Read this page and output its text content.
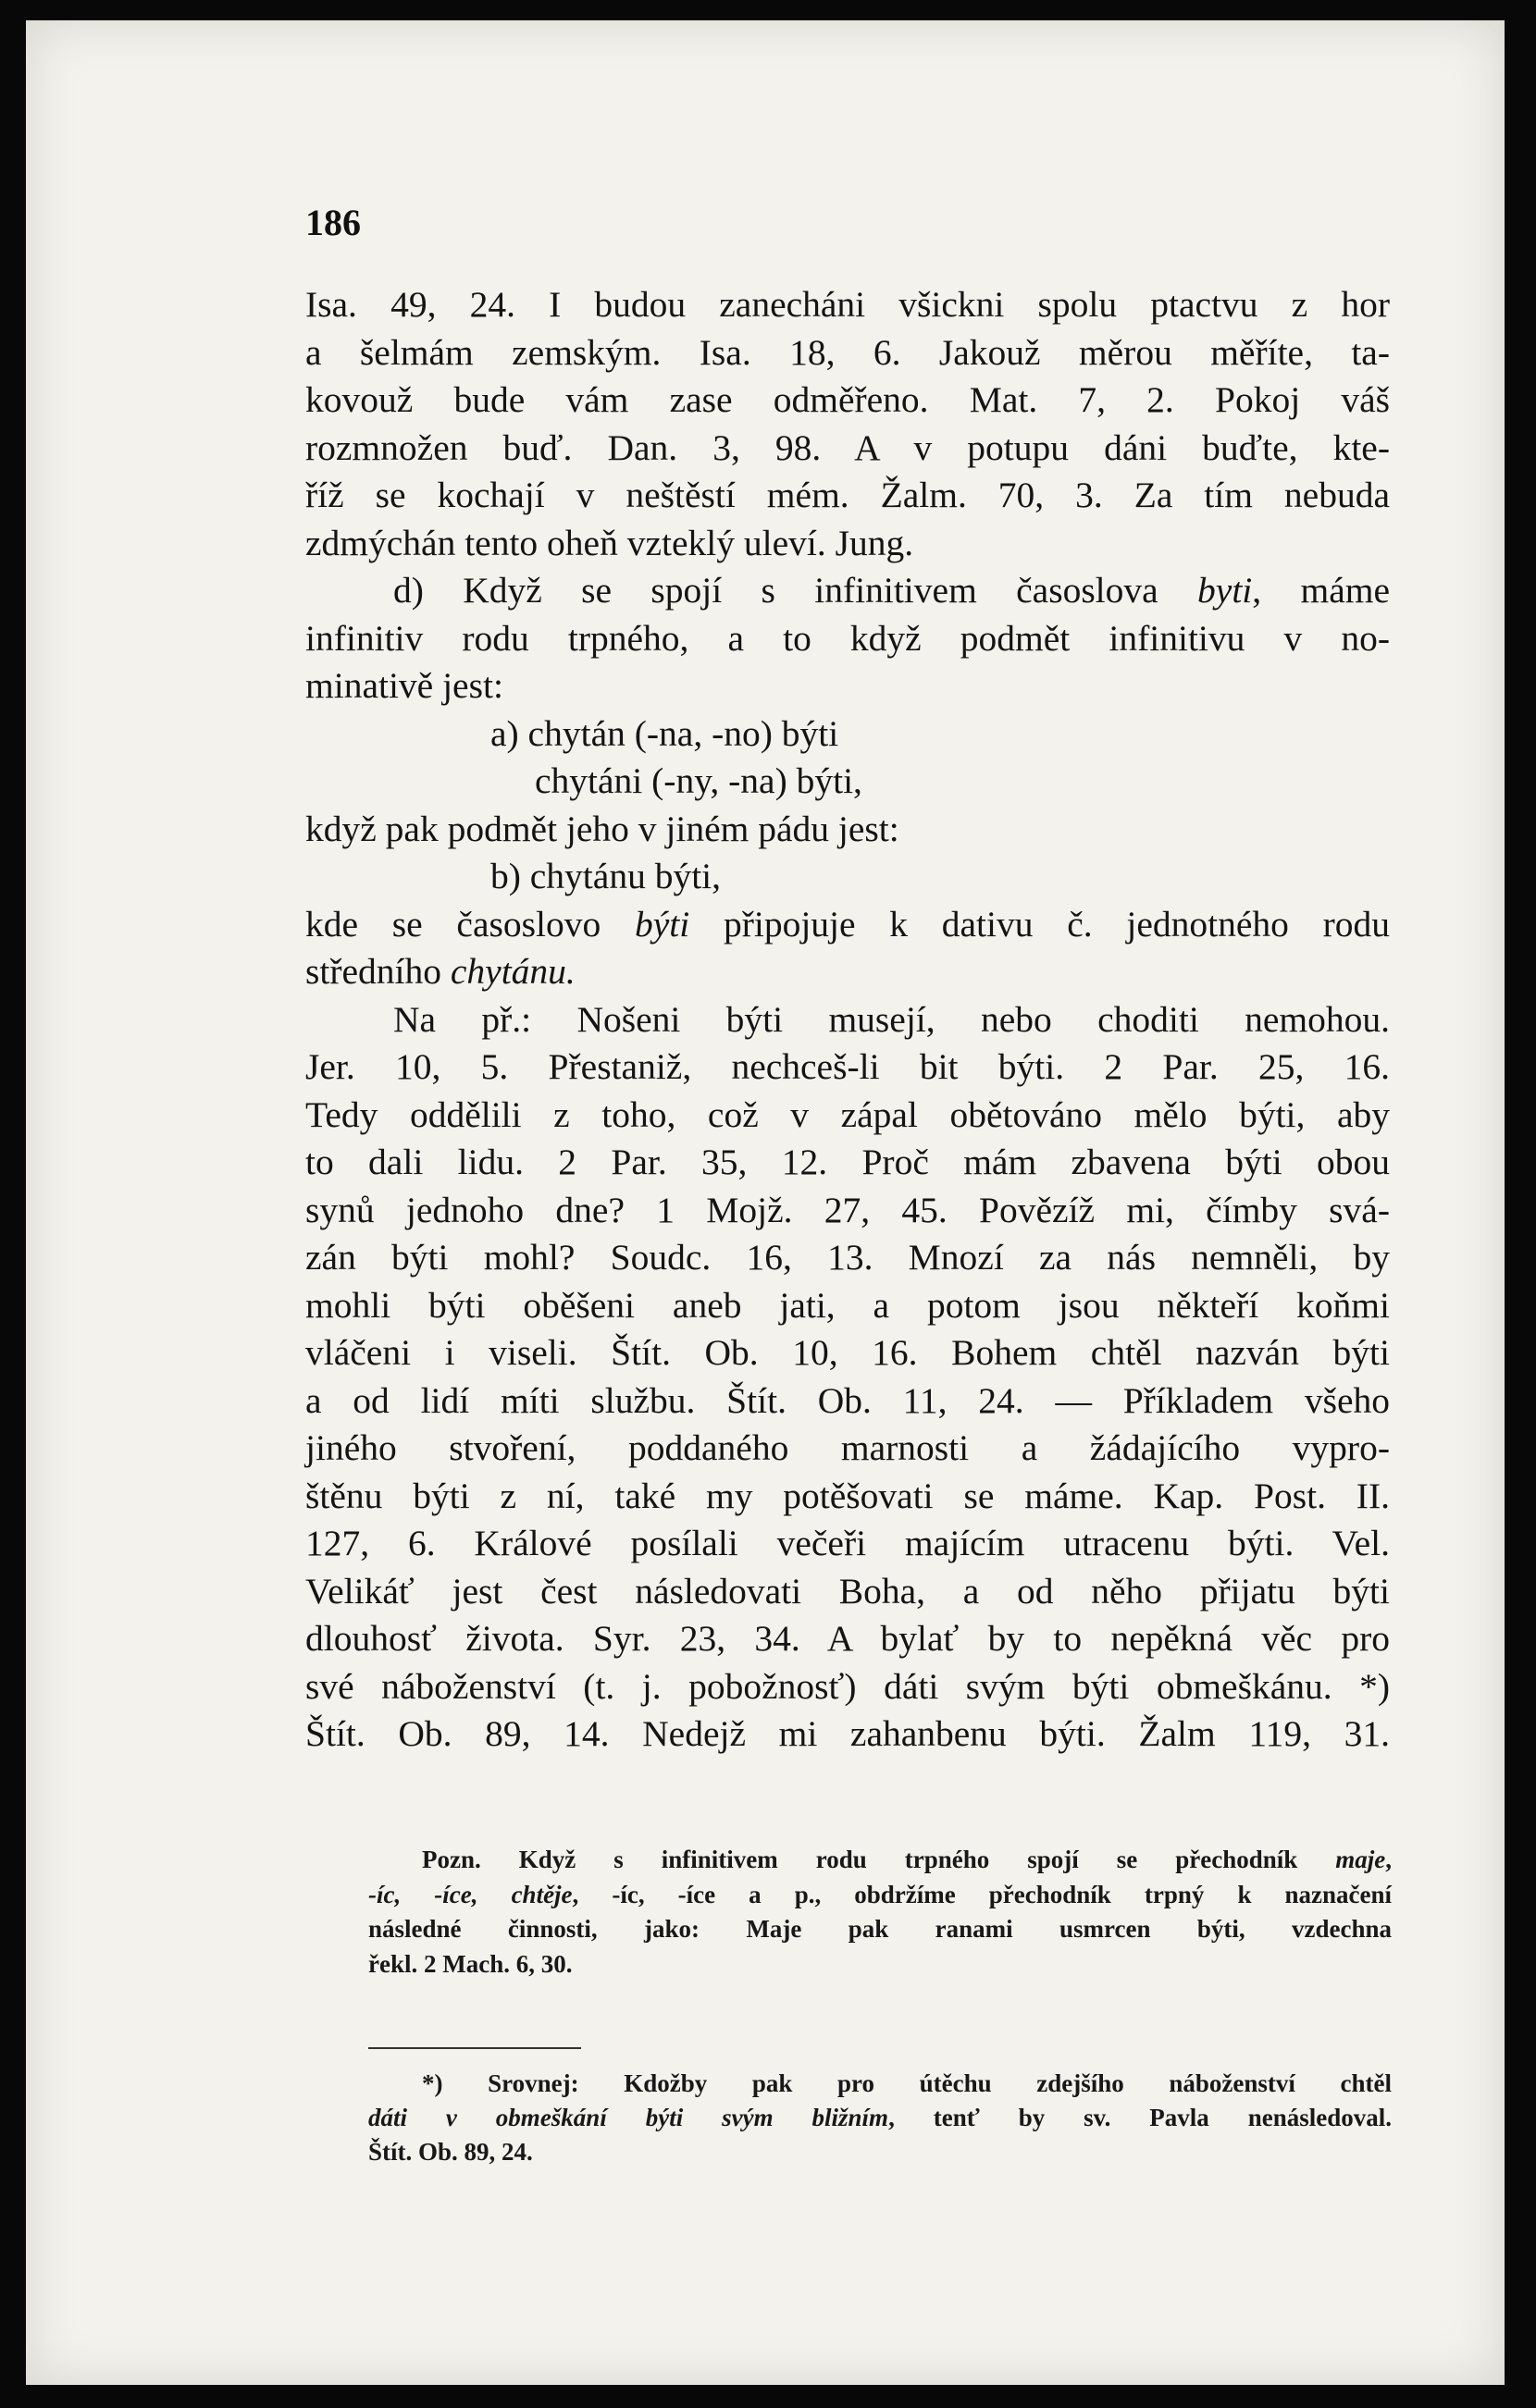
186
Isa. 49, 24. I budou zanecháni všickni spolu ptactvu z hor
a šelmám zemským. Isa. 18, 6. Jakouž měrou měříte, ta-
kovouž bude vám zase odměřeno. Mat. 7, 2. Pokoj váš
rozmnožen buď. Dan. 3, 98. A v potupu dáni buďte, kte-
říž se kochají v neštěstí mém. Žalm. 70, 3. Za tím nebuda
zdmýchán tento oheň vzteklý uleví. Jung.
d) Když se spojí s infinitivem časoslova byti, máme
infinitiv rodu trpného, a to když podmět infinitivu v no-
minativě jest:
a) chytán (-na, -no) býti
chytáni (-ny, -na) býti,
když pak podmět jeho v jiném pádu jest:
b) chytánu býti,
kde se časoslovo býti připojuje k dativu č. jednotného rodu
středního chytánu.
Na př.: Nošeni býti musejí, nebo choditi nemohou.
Jer. 10, 5. Přestaniž, nechceš-li bit býti. 2 Par. 25, 16.
Tedy oddělili z toho, což v zápal obětováno mělo býti, aby
to dali lidu. 2 Par. 35, 12. Proč mám zbavena býti obou
synů jednoho dne? 1 Mojž. 27, 45. Povězíž mi, čímby svá-
zán býti mohl? Soudc. 16, 13. Mnozí za nás nemněli, by
mohli býti oběšeni aneb jati, a potom jsou někteří koňmi
vláčeni i viseli. Štít. Ob. 10, 16. Bohem chtěl nazván býti
a od lidí míti službu. Štít. Ob. 11, 24. — Příkladem všeho
jiného stvoření, poddaného marnosti a žádajícího vypro-
štěnu býti z ní, také my potěšovati se máme. Kap. Post. II.
127, 6. Králové posílali večeři majícím utracenu býti. Vel.
Velikáť jest čest následovati Boha, a od něho přijatu býti
dlouhosť života. Syr. 23, 34. A bylať by to nepěkná věc pro
své náboženství (t. j. pobožnosť) dáti svým býti obmeškánu. *)
Štít. Ob. 89, 14. Nedejž mi zahanbenu býti. Žalm 119, 31.
Pozn. Když s infinitivem rodu trpného spojí se přechodník maje,
-íc, -íce, chtěje, -íc, -íce a p., obdržíme přechodník trpný k naznačení
následné činnosti, jako: Maje pak ranami usmrcen býti, vzdechna
řekl. 2 Mach. 6, 30.
*) Srovnej: Kdožby pak pro útěchu zdejšího náboženství chtěl
dáti v obmeškání býti svým bližním, tenť by sv. Pavla nenásledoval.
Štít. Ob. 89, 24.
